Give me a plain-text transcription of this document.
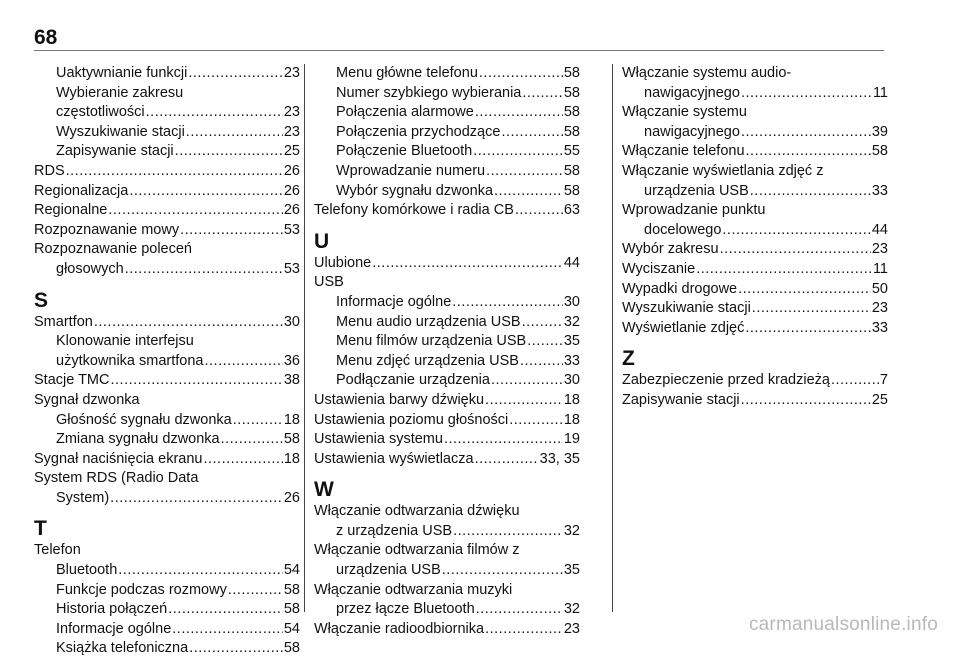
68
Uaktywnianie funkcji .....	23
Wybieranie zakresu
częstotliwości .....	23
Wyszukiwanie stacji .....	23
Zapisywanie stacji .....	25
RDS .....	26
Regionalizacja .....	26
Regionalne .....	26
Rozpoznawanie mowy .....	53
Rozpoznawanie poleceń
głosowych .....	53
S
Smartfon .....	30
Klonowanie interfejsu
użytkownika smartfona .....	36
Stacje TMC .....	38
Sygnał dzwonka
Głośność sygnału dzwonka .....	18
Zmiana sygnału dzwonka .....	58
Sygnał naciśnięcia ekranu .....	18
System RDS (Radio Data
System) .....	26
T
Telefon
Bluetooth .....	54
Funkcje podczas rozmowy .....	58
Historia połączeń .....	58
Informacje ogólne .....	54
Książka telefoniczna .....	58
Menu główne telefonu .....	58
Numer szybkiego wybierania .....	58
Połączenia alarmowe .....	58
Połączenia przychodzące .....	58
Połączenie Bluetooth .....	55
Wprowadzanie numeru .....	58
Wybór sygnału dzwonka .....	58
Telefony komórkowe i radia CB .....	63
U
Ulubione .....	44
USB
Informacje ogólne .....	30
Menu audio urządzenia USB .....	32
Menu filmów urządzenia USB .....	35
Menu zdjęć urządzenia USB .....	33
Podłączanie urządzenia .....	30
Ustawienia barwy dźwięku .....	18
Ustawienia poziomu głośności .....	18
Ustawienia systemu .....	19
Ustawienia wyświetlacza .....	33, 35
W
Włączanie odtwarzania dźwięku
z urządzenia USB .....	32
Włączanie odtwarzania filmów z
urządzenia USB .....	35
Włączanie odtwarzania muzyki
przez łącze Bluetooth .....	32
Włączanie radioodbiornika .....	23
Włączanie systemu audio-
nawigacyjnego .....	11
Włączanie systemu
nawigacyjnego .....	39
Włączanie telefonu .....	58
Włączanie wyświetlania zdjęć z
urządzenia USB .....	33
Wprowadzanie punktu
docelowego .....	44
Wybór zakresu .....	23
Wyciszanie .....	11
Wypadki drogowe .....	50
Wyszukiwanie stacji .....	23
Wyświetlanie zdjęć .....	33
Z
Zabezpieczenie przed kradzieżą .....	7
Zapisywanie stacji .....	25
carmanualsonline.info
